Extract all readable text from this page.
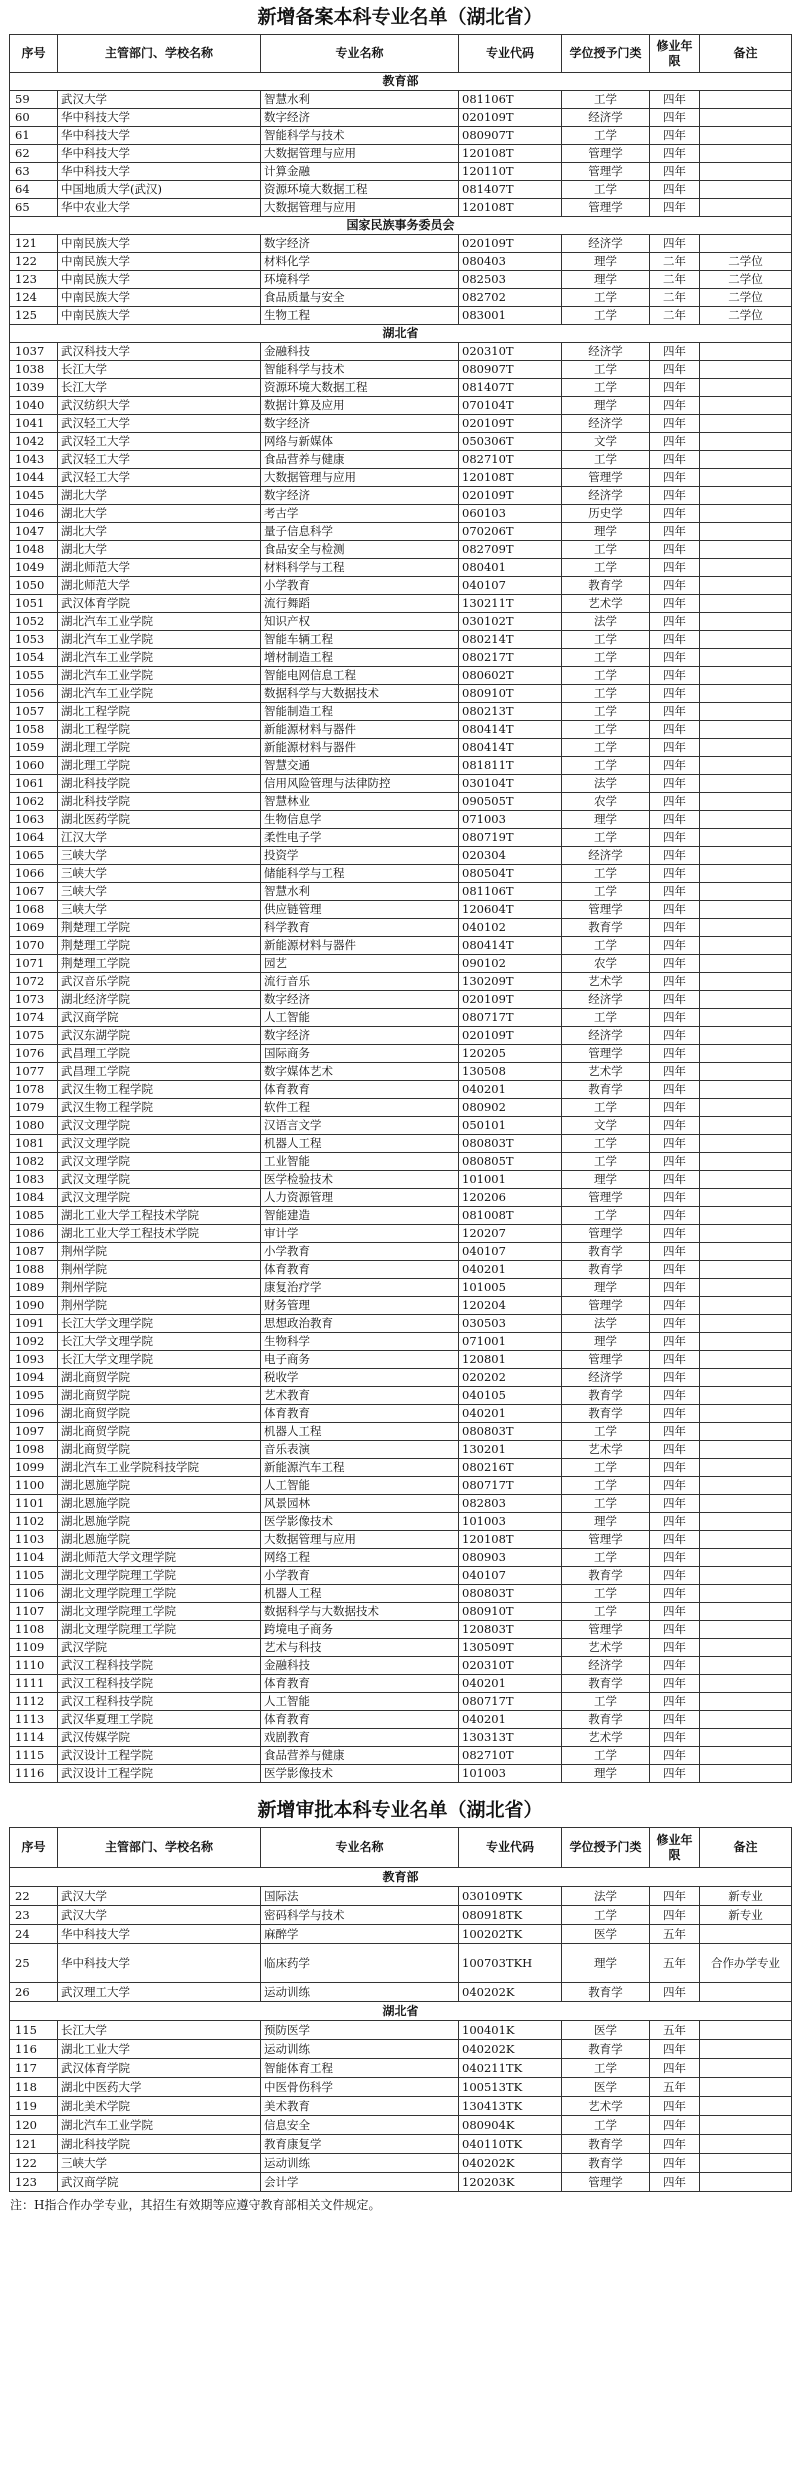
新增备案本科专业名单（湖北省）
序号	主管部门、学校名称	专业名称	专业代码	学位授予门类	修业年限	备注
教育部						
59	武汉大学	智慧水利	081106T	工学	四年	
60	华中科技大学	数字经济	020109T	经济学	四年	
61	华中科技大学	智能科学与技术	080907T	工学	四年	
62	华中科技大学	大数据管理与应用	120108T	管理学	四年	
63	华中科技大学	计算金融	120110T	管理学	四年	
64	中国地质大学(武汉)	资源环境大数据工程	081407T	工学	四年	
65	华中农业大学	大数据管理与应用	120108T	管理学	四年	
国家民族事务委员会						
121	中南民族大学	数字经济	020109T	经济学	四年	
122	中南民族大学	材料化学	080403	理学	二年	二学位
123	中南民族大学	环境科学	082503	理学	二年	二学位
124	中南民族大学	食品质量与安全	082702	工学	二年	二学位
125	中南民族大学	生物工程	083001	工学	二年	二学位
湖北省						
1037	武汉科技大学	金融科技	020310T	经济学	四年	
1038	长江大学	智能科学与技术	080907T	工学	四年	
1039	长江大学	资源环境大数据工程	081407T	工学	四年	
1040	武汉纺织大学	数据计算及应用	070104T	理学	四年	
1041	武汉轻工大学	数字经济	020109T	经济学	四年	
1042	武汉轻工大学	网络与新媒体	050306T	文学	四年	
1043	武汉轻工大学	食品营养与健康	082710T	工学	四年	
1044	武汉轻工大学	大数据管理与应用	120108T	管理学	四年	
1045	湖北大学	数字经济	020109T	经济学	四年	
1046	湖北大学	考古学	060103	历史学	四年	
1047	湖北大学	量子信息科学	070206T	理学	四年	
1048	湖北大学	食品安全与检测	082709T	工学	四年	
1049	湖北师范大学	材料科学与工程	080401	工学	四年	
1050	湖北师范大学	小学教育	040107	教育学	四年	
1051	武汉体育学院	流行舞蹈	130211T	艺术学	四年	
1052	湖北汽车工业学院	知识产权	030102T	法学	四年	
1053	湖北汽车工业学院	智能车辆工程	080214T	工学	四年	
1054	湖北汽车工业学院	增材制造工程	080217T	工学	四年	
1055	湖北汽车工业学院	智能电网信息工程	080602T	工学	四年	
1056	湖北汽车工业学院	数据科学与大数据技术	080910T	工学	四年	
1057	湖北工程学院	智能制造工程	080213T	工学	四年	
1058	湖北工程学院	新能源材料与器件	080414T	工学	四年	
1059	湖北理工学院	新能源材料与器件	080414T	工学	四年	
1060	湖北理工学院	智慧交通	081811T	工学	四年	
1061	湖北科技学院	信用风险管理与法律防控	030104T	法学	四年	
1062	湖北科技学院	智慧林业	090505T	农学	四年	
1063	湖北医药学院	生物信息学	071003	理学	四年	
1064	江汉大学	柔性电子学	080719T	工学	四年	
1065	三峡大学	投资学	020304	经济学	四年	
1066	三峡大学	储能科学与工程	080504T	工学	四年	
1067	三峡大学	智慧水利	081106T	工学	四年	
1068	三峡大学	供应链管理	120604T	管理学	四年	
1069	荆楚理工学院	科学教育	040102	教育学	四年	
1070	荆楚理工学院	新能源材料与器件	080414T	工学	四年	
1071	荆楚理工学院	园艺	090102	农学	四年	
1072	武汉音乐学院	流行音乐	130209T	艺术学	四年	
1073	湖北经济学院	数字经济	020109T	经济学	四年	
1074	武汉商学院	人工智能	080717T	工学	四年	
1075	武汉东湖学院	数字经济	020109T	经济学	四年	
1076	武昌理工学院	国际商务	120205	管理学	四年	
1077	武昌理工学院	数字媒体艺术	130508	艺术学	四年	
1078	武汉生物工程学院	体育教育	040201	教育学	四年	
1079	武汉生物工程学院	软件工程	080902	工学	四年	
1080	武汉文理学院	汉语言文学	050101	文学	四年	
1081	武汉文理学院	机器人工程	080803T	工学	四年	
1082	武汉文理学院	工业智能	080805T	工学	四年	
1083	武汉文理学院	医学检验技术	101001	理学	四年	
1084	武汉文理学院	人力资源管理	120206	管理学	四年	
1085	湖北工业大学工程技术学院	智能建造	081008T	工学	四年	
1086	湖北工业大学工程技术学院	审计学	120207	管理学	四年	
1087	荆州学院	小学教育	040107	教育学	四年	
1088	荆州学院	体育教育	040201	教育学	四年	
1089	荆州学院	康复治疗学	101005	理学	四年	
1090	荆州学院	财务管理	120204	管理学	四年	
1091	长江大学文理学院	思想政治教育	030503	法学	四年	
1092	长江大学文理学院	生物科学	071001	理学	四年	
1093	长江大学文理学院	电子商务	120801	管理学	四年	
1094	湖北商贸学院	税收学	020202	经济学	四年	
1095	湖北商贸学院	艺术教育	040105	教育学	四年	
1096	湖北商贸学院	体育教育	040201	教育学	四年	
1097	湖北商贸学院	机器人工程	080803T	工学	四年	
1098	湖北商贸学院	音乐表演	130201	艺术学	四年	
1099	湖北汽车工业学院科技学院	新能源汽车工程	080216T	工学	四年	
1100	湖北恩施学院	人工智能	080717T	工学	四年	
1101	湖北恩施学院	风景园林	082803	工学	四年	
1102	湖北恩施学院	医学影像技术	101003	理学	四年	
1103	湖北恩施学院	大数据管理与应用	120108T	管理学	四年	
1104	湖北师范大学文理学院	网络工程	080903	工学	四年	
1105	湖北文理学院理工学院	小学教育	040107	教育学	四年	
1106	湖北文理学院理工学院	机器人工程	080803T	工学	四年	
1107	湖北文理学院理工学院	数据科学与大数据技术	080910T	工学	四年	
1108	湖北文理学院理工学院	跨境电子商务	120803T	管理学	四年	
1109	武汉学院	艺术与科技	130509T	艺术学	四年	
1110	武汉工程科技学院	金融科技	020310T	经济学	四年	
1111	武汉工程科技学院	体育教育	040201	教育学	四年	
1112	武汉工程科技学院	人工智能	080717T	工学	四年	
1113	武汉华夏理工学院	体育教育	040201	教育学	四年	
1114	武汉传媒学院	戏剧教育	130313T	艺术学	四年	
1115	武汉设计工程学院	食品营养与健康	082710T	工学	四年	
1116	武汉设计工程学院	医学影像技术	101003	理学	四年	
新增审批本科专业名单（湖北省）
序号	主管部门、学校名称	专业名称	专业代码	学位授予门类	修业年限	备注
教育部						
22	武汉大学	国际法	030109TK	法学	四年	新专业
23	武汉大学	密码科学与技术	080918TK	工学	四年	新专业
24	华中科技大学	麻醉学	100202TK	医学	五年	
25	华中科技大学	临床药学	100703TKH	理学	五年	合作办学专业
26	武汉理工大学	运动训练	040202K	教育学	四年	
湖北省						
115	长江大学	预防医学	100401K	医学	五年	
116	湖北工业大学	运动训练	040202K	教育学	四年	
117	武汉体育学院	智能体育工程	040211TK	工学	四年	
118	湖北中医药大学	中医骨伤科学	100513TK	医学	五年	
119	湖北美术学院	美术教育	130413TK	艺术学	四年	
120	湖北汽车工业学院	信息安全	080904K	工学	四年	
121	湖北科技学院	教育康复学	040110TK	教育学	四年	
122	三峡大学	运动训练	040202K	教育学	四年	
123	武汉商学院	会计学	120203K	管理学	四年	
注：H指合作办学专业，其招生有效期等应遵守教育部相关文件规定。
